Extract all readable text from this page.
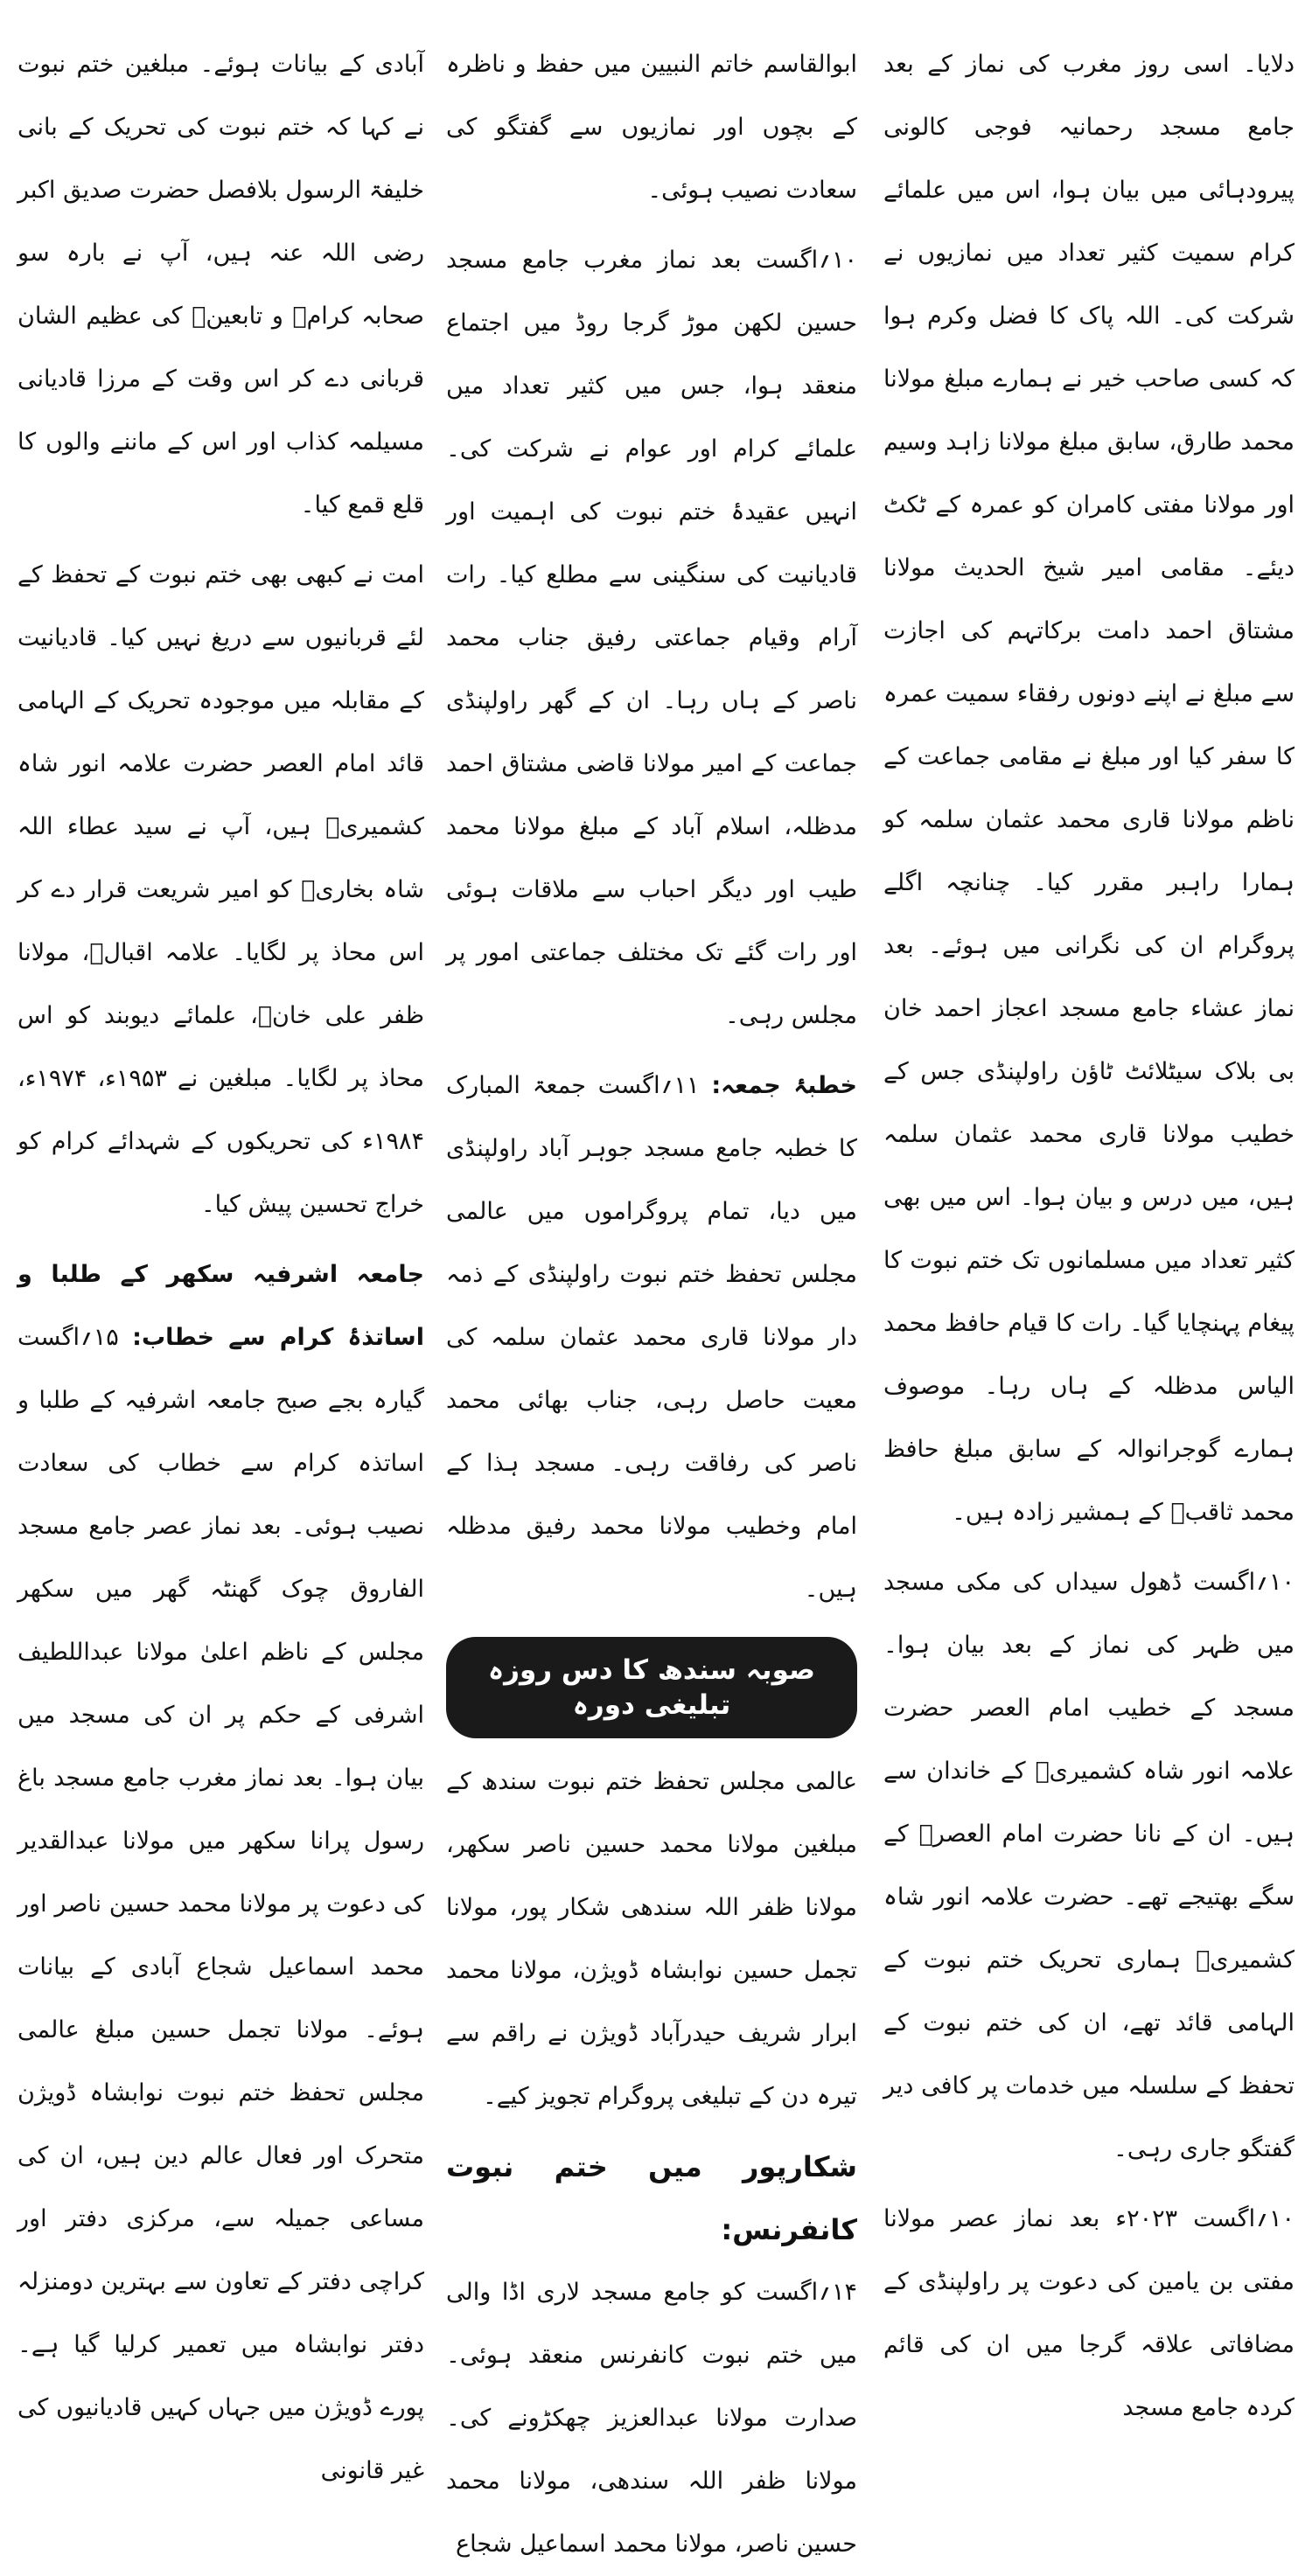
دلایا۔ اسی روز مغرب کی نماز کے بعد جامع مسجد رحمانیہ فوجی کالونی پیرودہائی میں بیان ہوا، اس میں علمائے کرام سمیت کثیر تعداد میں نمازیوں نے شرکت کی۔ اللہ پاک کا فضل وکرم ہوا کہ کسی صاحب خیر نے ہمارے مبلغ مولانا محمد طارق، سابق مبلغ مولانا زاہد وسیم اور مولانا مفتی کامران کو عمرہ کے ٹکٹ دیئے۔ مقامی امیر شیخ الحدیث مولانا مشتاق احمد دامت برکاتہم کی اجازت سے مبلغ نے اپنے دونوں رفقاء سمیت عمرہ کا سفر کیا اور مبلغ نے مقامی جماعت کے ناظم مولانا قاری محمد عثمان سلمہ کو ہمارا راہبر مقرر کیا۔ چنانچہ اگلے پروگرام ان کی نگرانی میں ہوئے۔ بعد نماز عشاء جامع مسجد اعجاز احمد خان بی بلاک سیٹلائٹ ٹاؤن راولپنڈی جس کے خطیب مولانا قاری محمد عثمان سلمہ ہیں، میں درس و بیان ہوا۔ اس میں بھی کثیر تعداد میں مسلمانوں تک ختم نبوت کا پیغام پہنچایا گیا۔ رات کا قیام حافظ محمد الیاس مدظلہ کے ہاں رہا۔ موصوف ہمارے گوجرانوالہ کے سابق مبلغ حافظ محمد ثاقبؒ کے ہمشیر زادہ ہیں۔

۱۰؍اگست ڈھول سیداں کی مکی مسجد میں ظہر کی نماز کے بعد بیان ہوا۔ مسجد کے خطیب امام العصر حضرت علامہ انور شاہ کشمیریؒ کے خاندان سے ہیں۔ ان کے نانا حضرت امام العصرؒ کے سگے بھتیجے تھے۔ حضرت علامہ انور شاہ کشمیریؒ ہماری تحریک ختم نبوت کے الہامی قائد تھے، ان کی ختم نبوت کے تحفظ کے سلسلہ میں خدمات پر کافی دیر گفتگو جاری رہی۔

۱۰؍اگست ۲۰۲۳ء بعد نماز عصر مولانا مفتی بن یامین کی دعوت پر راولپنڈی کے مضافاتی علاقہ گرجا میں ان کی قائم کردہ جامع مسجد

ابوالقاسم خاتم النبیین میں حفظ و ناظرہ کے بچوں اور نمازیوں سے گفتگو کی سعادت نصیب ہوئی۔

۱۰؍اگست بعد نماز مغرب جامع مسجد حسین لکھن موڑ گرجا روڈ میں اجتماع منعقد ہوا، جس میں کثیر تعداد میں علمائے کرام اور عوام نے شرکت کی۔ انہیں عقیدۂ ختم نبوت کی اہمیت اور قادیانیت کی سنگینی سے مطلع کیا۔ رات آرام وقیام جماعتی رفیق جناب محمد ناصر کے ہاں رہا۔ ان کے گھر راولپنڈی جماعت کے امیر مولانا قاضی مشتاق احمد مدظلہ، اسلام آباد کے مبلغ مولانا محمد طیب اور دیگر احباب سے ملاقات ہوئی اور رات گئے تک مختلف جماعتی امور پر مجلس رہی۔

خطبۂ جمعہ: ۱۱؍اگست جمعۃ المبارک کا خطبہ جامع مسجد جوہر آباد راولپنڈی میں دیا، تمام پروگراموں میں عالمی مجلس تحفظ ختم نبوت راولپنڈی کے ذمہ دار مولانا قاری محمد عثمان سلمہ کی معیت حاصل رہی، جناب بھائی محمد ناصر کی رفاقت رہی۔ مسجد ہذا کے امام وخطیب مولانا محمد رفیق مدظلہ ہیں۔

صوبہ سندھ کا دس روزہ تبلیغی دورہ

عالمی مجلس تحفظ ختم نبوت سندھ کے مبلغین مولانا محمد حسین ناصر سکھر، مولانا ظفر اللہ سندھی شکار پور، مولانا تجمل حسین نوابشاہ ڈویژن، مولانا محمد ابرار شریف حیدرآباد ڈویژن نے راقم سے تیرہ دن کے تبلیغی پروگرام تجویز کیے۔

شکارپور میں ختم نبوت کانفرنس:

۱۴؍اگست کو جامع مسجد لاری اڈا والی میں ختم نبوت کانفرنس منعقد ہوئی۔ صدارت مولانا عبدالعزیز چھکڑونے کی۔ مولانا ظفر اللہ سندھی، مولانا محمد حسین ناصر، مولانا محمد اسماعیل شجاع

آبادی کے بیانات ہوئے۔ مبلغین ختم نبوت نے کہا کہ ختم نبوت کی تحریک کے بانی خلیفۃ الرسول بلافصل حضرت صدیق اکبر رضی اللہ عنہ ہیں، آپ نے بارہ سو صحابہ کرامؓ و تابعینؒ کی عظیم الشان قربانی دے کر اس وقت کے مرزا قادیانی مسیلمہ کذاب اور اس کے ماننے والوں کا قلع قمع کیا۔

امت نے کبھی بھی ختم نبوت کے تحفظ کے لئے قربانیوں سے دریغ نہیں کیا۔ قادیانیت کے مقابلہ میں موجودہ تحریک کے الہامی قائد امام العصر حضرت علامہ انور شاہ کشمیریؒ ہیں، آپ نے سید عطاء اللہ شاہ بخاریؒ کو امیر شریعت قرار دے کر اس محاذ پر لگایا۔ علامہ اقبالؒ، مولانا ظفر علی خانؒ، علمائے دیوبند کو اس محاذ پر لگایا۔ مبلغین نے ۱۹۵۳ء، ۱۹۷۴ء، ۱۹۸۴ء کی تحریکوں کے شہدائے کرام کو خراج تحسین پیش کیا۔

جامعہ اشرفیہ سکھر کے طلبا و اساتذۂ کرام سے خطاب: ۱۵؍اگست گیارہ بجے صبح جامعہ اشرفیہ کے طلبا و اساتذہ کرام سے خطاب کی سعادت نصیب ہوئی۔ بعد نماز عصر جامع مسجد الفاروق چوک گھنٹہ گھر میں سکھر مجلس کے ناظم اعلیٰ مولانا عبداللطیف اشرفی کے حکم پر ان کی مسجد میں بیان ہوا۔ بعد نماز مغرب جامع مسجد باغ رسول پرانا سکھر میں مولانا عبدالقدیر کی دعوت پر مولانا محمد حسین ناصر اور محمد اسماعیل شجاع آبادی کے بیانات ہوئے۔ مولانا تجمل حسین مبلغ عالمی مجلس تحفظ ختم نبوت نوابشاہ ڈویژن متحرک اور فعال عالم دین ہیں، ان کی مساعی جمیلہ سے، مرکزی دفتر اور کراچی دفتر کے تعاون سے بہترین دومنزلہ دفتر نوابشاہ میں تعمیر کرلیا گیا ہے۔ پورے ڈویژن میں جہاں کہیں قادیانیوں کی غیر قانونی
